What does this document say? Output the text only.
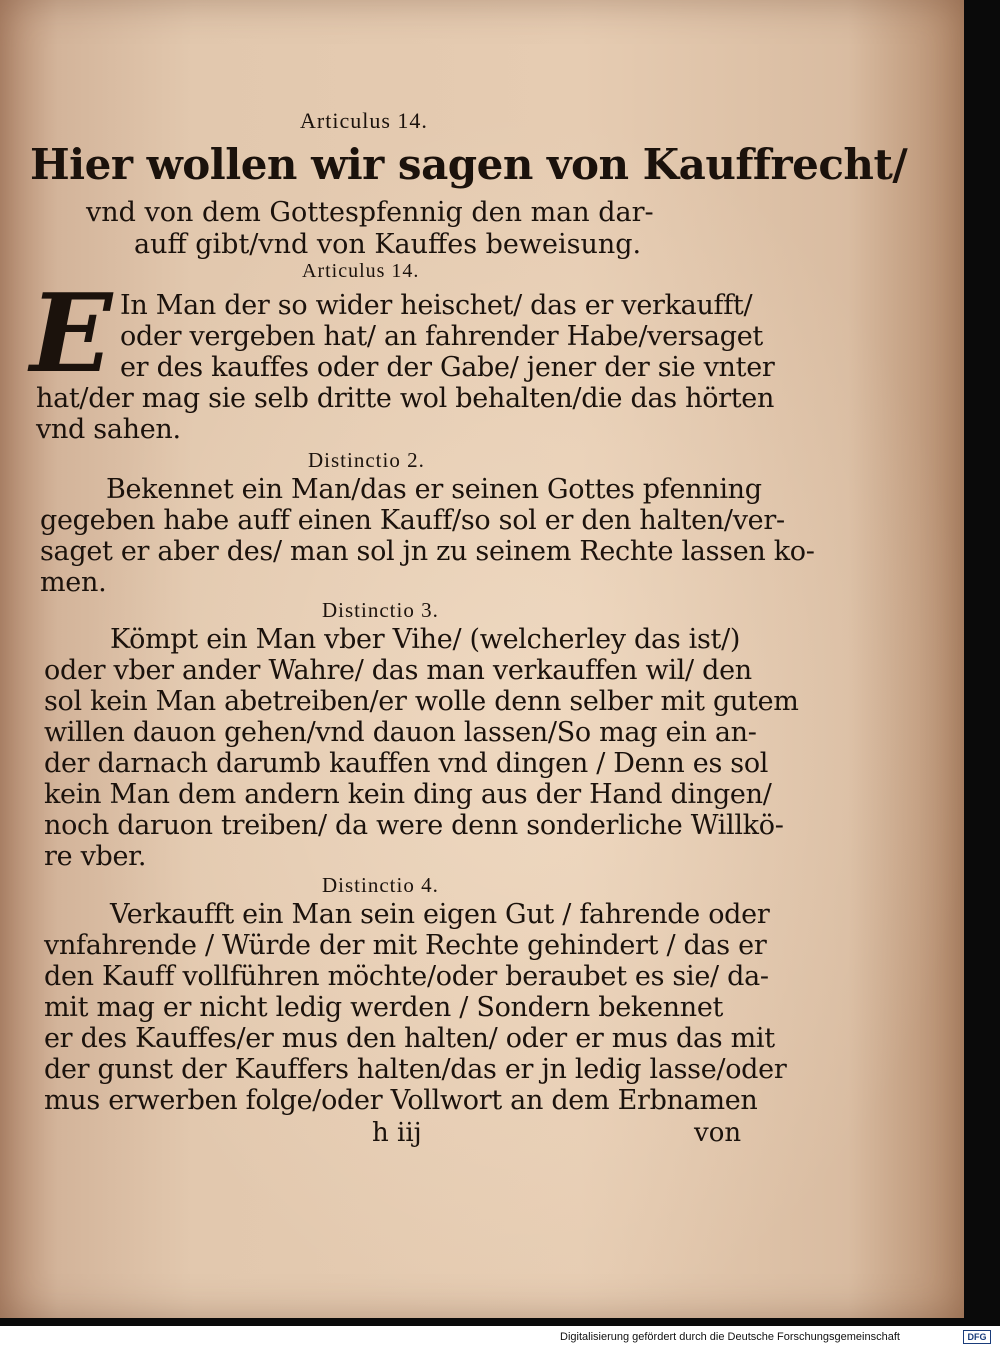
Articulus 14.
Hier wollen wir sagen von Kauffrecht/
vnd von dem Gottespfennig den man dar-
auff gibt/vnd von Kauffes beweisung.
Articulus 14.
E In Man der so wider heischet/ das er verkaufft/
oder vergeben hat/ an fahrender Habe/versaget
er des kauffes oder der Gabe/ jener der sie vnter
hat/der mag sie selb dritte wol behalten/die das hörten
vnd sahen.
Distinctio 2.
Bekennet ein Man/das er seinen Gottes pfenning
gegeben habe auff einen Kauff/so sol er den halten/ver-
saget er aber des/ man sol jn zu seinem Rechte lassen ko-
men.
Distinctio 3.
Kömpt ein Man vber Vihe/ (welcherley das ist/)
oder vber ander Wahre/ das man verkauffen wil/ den
sol kein Man abetreiben/er wolle denn selber mit gutem
willen dauon gehen/vnd dauon lassen/So mag ein an-
der darnach darumb kauffen vnd dingen / Denn es sol
kein Man dem andern kein ding aus der Hand dingen/
noch daruon treiben/ da were denn sonderliche Willkö-
re vber.
Distinctio 4.
Verkaufft ein Man sein eigen Gut / fahrende oder
vnfahrende / Würde der mit Rechte gehindert / das er
den Kauff vollführen möchte/oder beraubet es sie/ da-
mit mag er nicht ledig werden / Sondern bekennet
er des Kauffes/er mus den halten/ oder er mus das mit
der gunst der Kauffers halten/das er jn ledig lasse/oder
mus erwerben folge/oder Vollwort an dem Erbnamen
h iij	von
Digitalisierung gefördert durch die Deutsche Forschungsgemeinschaft	DFG
